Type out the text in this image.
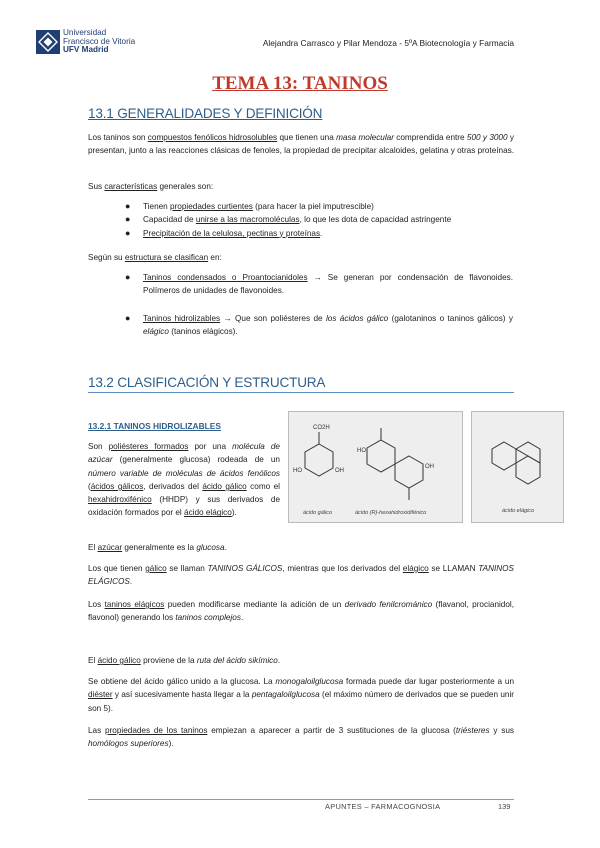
Universidad
Francisco de Vitoria
UFV Madrid
Alejandra Carrasco y Pilar Mendoza - 5ºA Biotecnología y Farmacia
TEMA 13: TANINOS
13.1 GENERALIDADES Y DEFINICIÓN
Los taninos son compuestos fenólicos hidrosolubles que tienen una masa molecular comprendida entre 500 y 3000 y presentan, junto a las reacciones clásicas de fenoles, la propiedad de precipitar alcaloides, gelatina y otras proteínas.
Sus características generales son:
● Tienen propiedades curtientes (para hacer la piel imputrescible)
● Capacidad de unirse a las macromoléculas, lo que les dota de capacidad astringente
● Precipitación de la celulosa, pectinas y proteínas.
Según su estructura se clasifican en:
● Taninos condensados o Proantocianidoles → Se generan por condensación de flavonoides. Polímeros de unidades de flavonoides.
● Taninos hidrolizables → Que son poliésteres de los ácidos gálico (galotaninos o taninos gálicos) y elágico (taninos elágicos).
13.2 CLASIFICACIÓN Y ESTRUCTURA
13.2.1 TANINOS HIDROLIZABLES
Son poliésteres formados por una molécula de azúcar (generalmente glucosa) rodeada de un número variable de moléculas de ácidos fenólicos (ácidos gálicos, derivados del ácido gálico como el hexahidroxifénico (HHDP) y sus derivados de oxidación formados por el ácido elágico).
CO2H
HO	OH
HO
OH
ácido gálico	ácido (R)-hexahidroxidifénico	ácido elágico
El azúcar generalmente es la glucosa.
Los que tienen gálico se llaman TANINOS GÁLICOS, mientras que los derivados del elágico se LLAMAN TANINOS ELÁGICOS.
Los taninos elágicos pueden modificarse mediante la adición de un derivado fenilcrománico (flavanol, procianidol, flavonol) generando los taninos complejos.
El ácido gálico proviene de la ruta del ácido sikímico.
Se obtiene del ácido gálico unido a la glucosa. La monogaloilglucosa formada puede dar lugar posteriormente a un diéster y así sucesivamente hasta llegar a la pentagaloilglucosa (el máximo número de derivados que se pueden unir son 5).
Las propiedades de los taninos empiezan a aparecer a partir de 3 sustituciones de la glucosa (triésteres y sus homólogos superiores).
APUNTES – FARMACOGNOSIA	139
